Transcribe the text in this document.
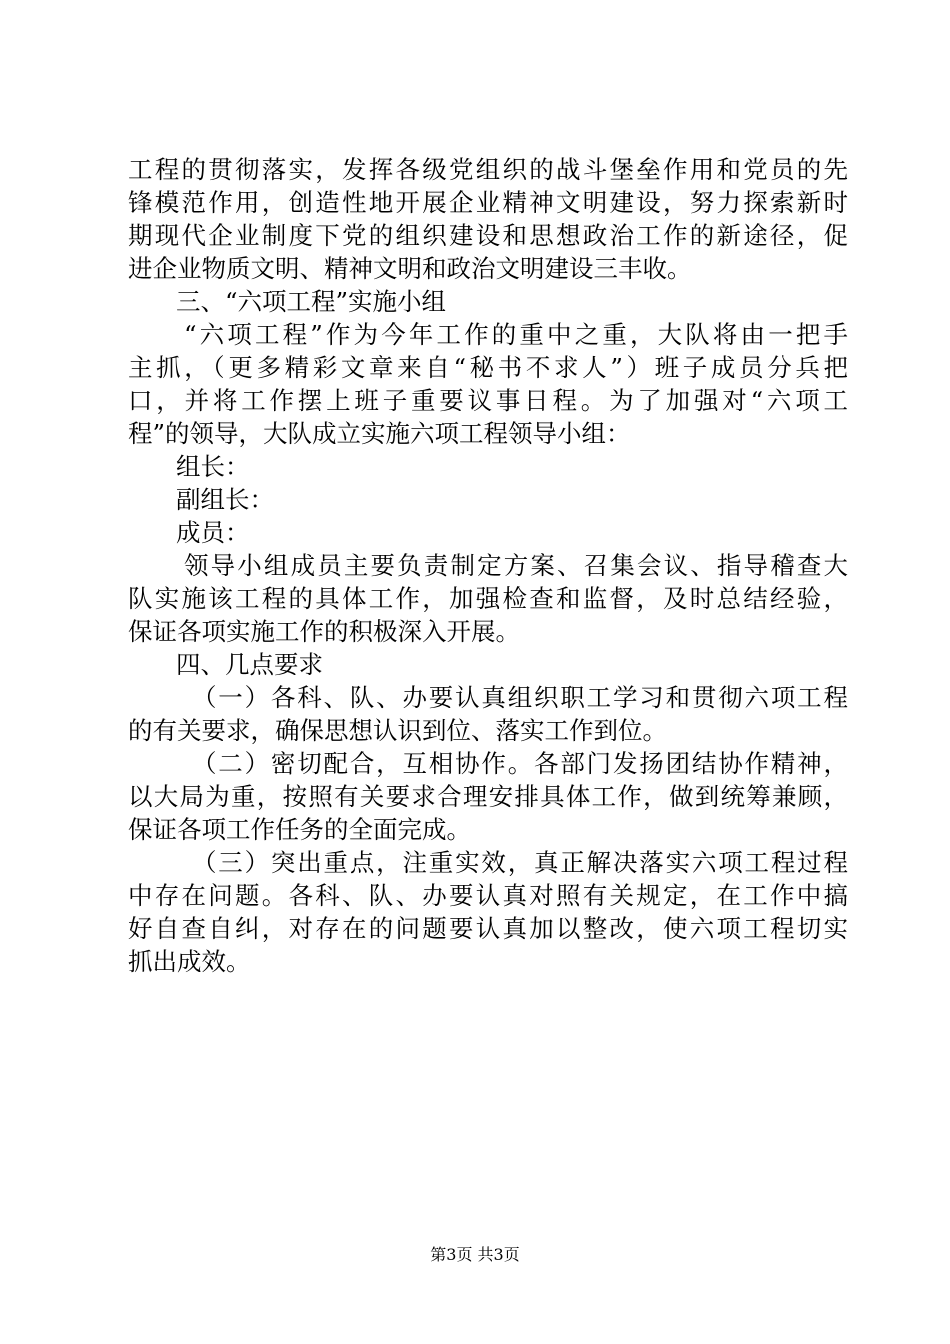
工程的贯彻落实，发挥各级党组织的战斗堡垒作用和党员的先
锋模范作用，创造性地开展企业精神文明建设，努力探索新时
期现代企业制度下党的组织建设和思想政治工作的新途径，促
进企业物质文明、精神文明和政治文明建设三丰收。
三、“六项工程”实施小组
“六项工程”作为今年工作的重中之重，大队将由一把手
主抓，（更多精彩文章来自“秘书不求人”）班子成员分兵把
口，并将工作摆上班子重要议事日程。为了加强对“六项工
程”的领导，大队成立实施六项工程领导小组：
组长：
副组长：
成员：
领导小组成员主要负责制定方案、召集会议、指导稽查大
队实施该工程的具体工作，加强检查和监督，及时总结经验，
保证各项实施工作的积极深入开展。
四、几点要求
（一）各科、队、办要认真组织职工学习和贯彻六项工程
的有关要求，确保思想认识到位、落实工作到位。
（二）密切配合，互相协作。各部门发扬团结协作精神，
以大局为重，按照有关要求合理安排具体工作，做到统筹兼顾，
保证各项工作任务的全面完成。
（三）突出重点，注重实效，真正解决落实六项工程过程
中存在问题。各科、队、办要认真对照有关规定，在工作中搞
好自查自纠，对存在的问题要认真加以整改，使六项工程切实
抓出成效。
第3页 共3页
